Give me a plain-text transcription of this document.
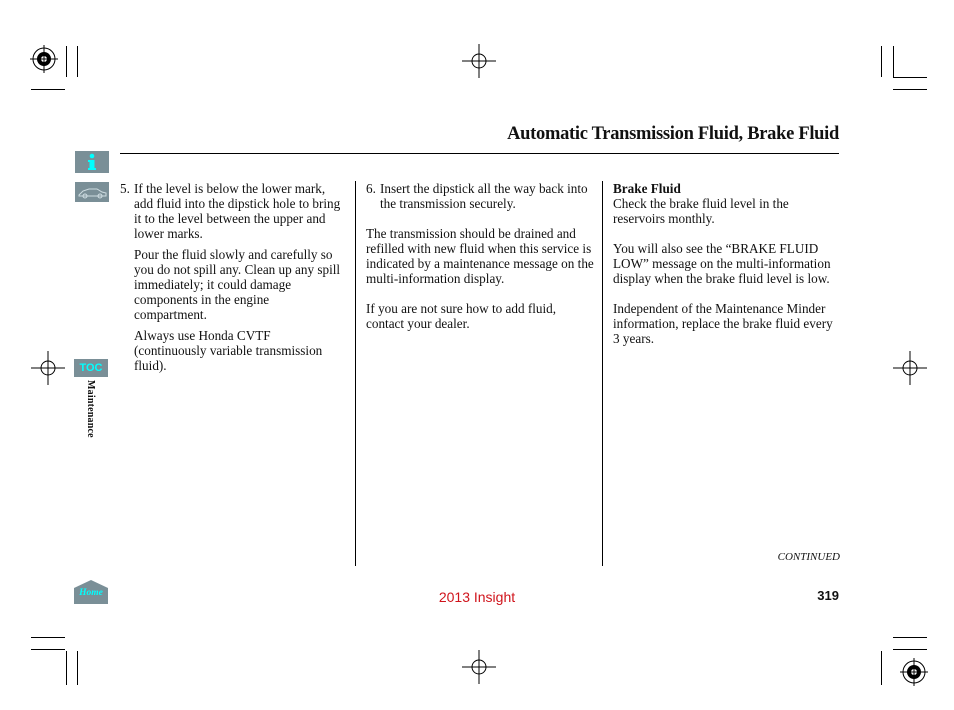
Automatic Transmission Fluid, Brake Fluid
TOC
Maintenance
Home
5. If the level is below the lower mark, add fluid into the dipstick hole to bring it to the level between the upper and lower marks.

Pour the fluid slowly and carefully so you do not spill any. Clean up any spill immediately; it could damage components in the engine compartment.

Always use Honda CVTF (continuously variable transmission fluid).

6. Insert the dipstick all the way back into the transmission securely.

The transmission should be drained and refilled with new fluid when this service is indicated by a maintenance message on the multi-information display.

If you are not sure how to add fluid, contact your dealer.

Brake Fluid

Check the brake fluid level in the reservoirs monthly.

You will also see the “BRAKE FLUID LOW” message on the multi-information display when the brake fluid level is low.

Independent of the Maintenance Minder information, replace the brake fluid every 3 years.

CONTINUED
319
2013 Insight
